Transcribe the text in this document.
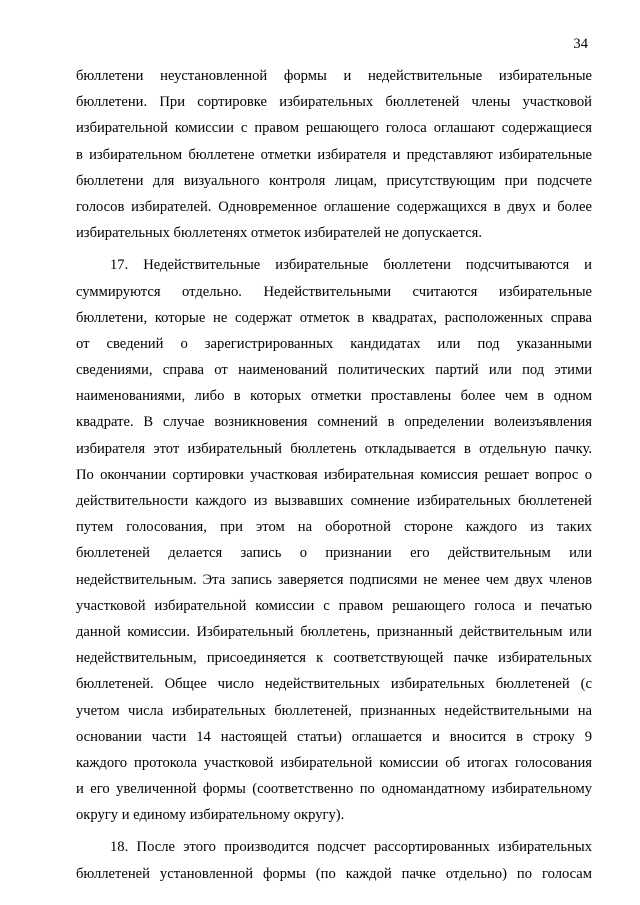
34
бюллетени неустановленной формы и недействительные избирательные
бюллетени. При сортировке избирательных бюллетеней члены участковой
избирательной комиссии с правом решающего голоса оглашают содержащиеся
в избирательном бюллетене отметки избирателя и представляют избирательные
бюллетени для визуального контроля лицам, присутствующим при подсчете
голосов избирателей. Одновременное оглашение содержащихся в двух и более
избирательных бюллетенях отметок избирателей не допускается.
17. Недействительные избирательные бюллетени подсчитываются и
суммируются отдельно. Недействительными считаются избирательные
бюллетени, которые не содержат отметок в квадратах, расположенных справа
от сведений о зарегистрированных кандидатах или под указанными
сведениями, справа от наименований политических партий или под этими
наименованиями, либо в которых отметки проставлены более чем в одном
квадрате. В случае возникновения сомнений в определении волеизъявления
избирателя этот избирательный бюллетень откладывается в отдельную пачку.
По окончании сортировки участковая избирательная комиссия решает вопрос о
действительности каждого из вызвавших сомнение избирательных бюллетеней
путем голосования, при этом на оборотной стороне каждого из таких
бюллетеней делается запись о признании его действительным или
недействительным. Эта запись заверяется подписями не менее чем двух членов
участковой избирательной комиссии с правом решающего голоса и печатью
данной комиссии. Избирательный бюллетень, признанный действительным или
недействительным, присоединяется к соответствующей пачке избирательных
бюллетеней. Общее число недействительных избирательных бюллетеней (с
учетом числа избирательных бюллетеней, признанных недействительными на
основании части 14 настоящей статьи) оглашается и вносится в строку 9
каждого протокола участковой избирательной комиссии об итогах голосования
и его увеличенной формы (соответственно по одномандатному избирательному
округу и единому избирательному округу).
18. После этого производится подсчет рассортированных избирательных
бюллетеней установленной формы (по каждой пачке отдельно) по голосам
